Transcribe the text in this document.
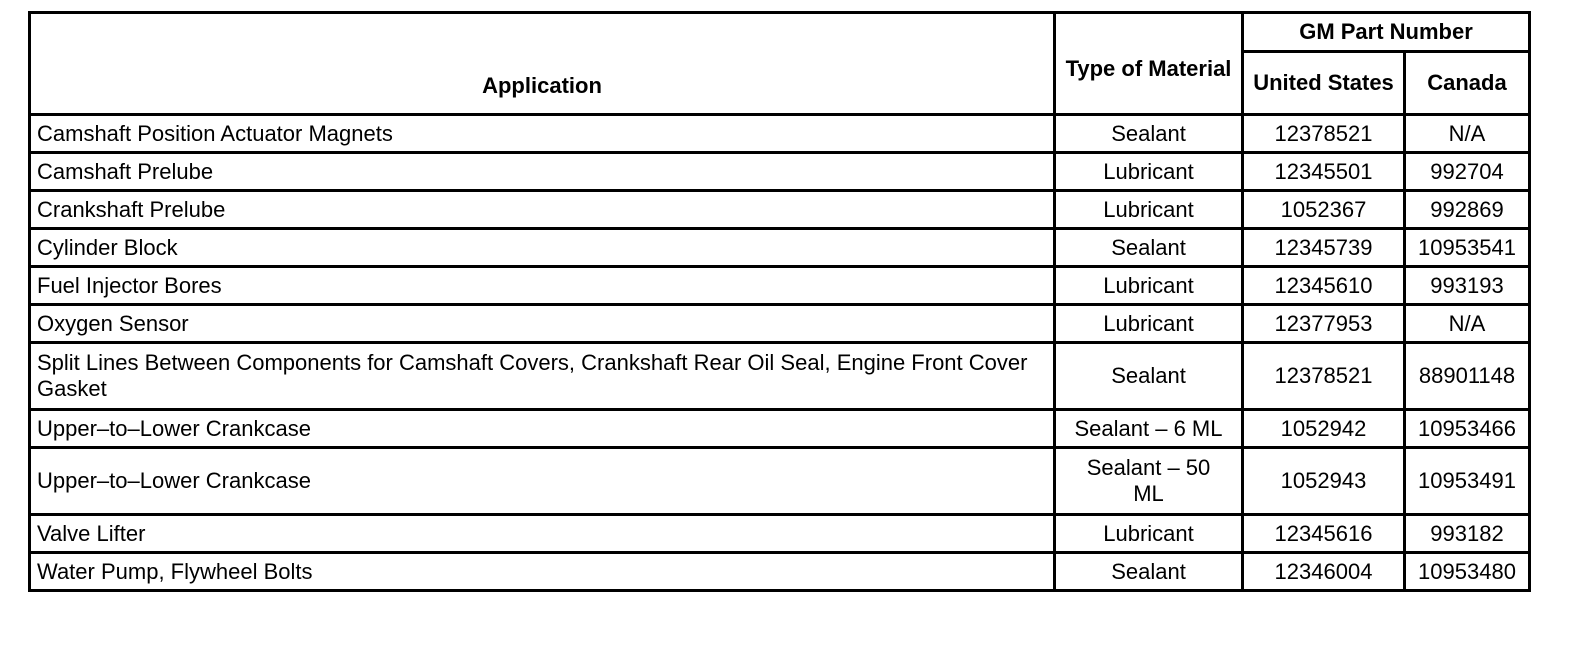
Application	Type of Material	GM Part Number	
		United States	Canada
Camshaft Position Actuator Magnets	Sealant	12378521	N/A
Camshaft Prelube	Lubricant	12345501	992704
Crankshaft Prelube	Lubricant	1052367	992869
Cylinder Block	Sealant	12345739	10953541
Fuel Injector Bores	Lubricant	12345610	993193
Oxygen Sensor	Lubricant	12377953	N/A
Split Lines Between Components for Camshaft Covers, Crankshaft Rear Oil Seal, Engine Front Cover Gasket	Sealant	12378521	88901148
Upper–to–Lower Crankcase	Sealant – 6 ML	1052942	10953466
Upper–to–Lower Crankcase	Sealant – 50 ML	1052943	10953491
Valve Lifter	Lubricant	12345616	993182
Water Pump, Flywheel Bolts	Sealant	12346004	10953480
